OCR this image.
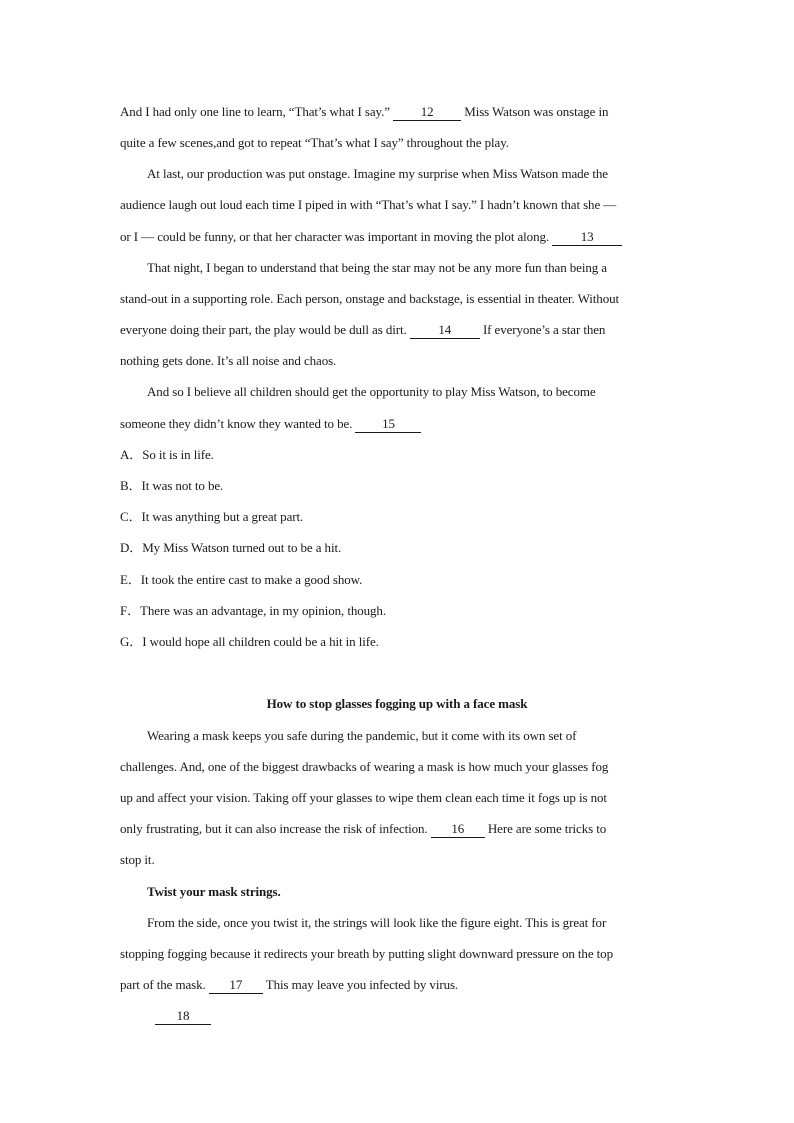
And I had only one line to learn, “That’s what I say.” 12 Miss Watson was onstage in
quite a few scenes,and got to repeat “That’s what I say” throughout the play.
At last, our production was put onstage. Imagine my surprise when Miss Watson made the
audience laugh out loud each time I piped in with “That’s what I say.” I hadn’t known that she —
or I — could be funny, or that her character was important in moving the plot along. 13
That night, I began to understand that being the star may not be any more fun than being a
stand-out in a supporting role. Each person, onstage and backstage, is essential in theater. Without
everyone doing their part, the play would be dull as dirt. 14 If everyone’s a star then
nothing gets done. It’s all noise and chaos.
And so I believe all children should get the opportunity to play Miss Watson, to become
someone they didn’t know they wanted to be. 15
A．So it is in life.
B．It was not to be.
C．It was anything but a great part.
D．My Miss Watson turned out to be a hit.
E．It took the entire cast to make a good show.
F．There was an advantage, in my opinion, though.
G．I would hope all children could be a hit in life.
How to stop glasses fogging up with a face mask
Wearing a mask keeps you safe during the pandemic, but it come with its own set of
challenges. And, one of the biggest drawbacks of wearing a mask is how much your glasses fog
up and affect your vision. Taking off your glasses to wipe them clean each time it fogs up is not
only frustrating, but it can also increase the risk of infection. 16 Here are some tricks to
stop it.
Twist your mask strings.
From the side, once you twist it, the strings will look like the figure eight. This is great for
stopping fogging because it redirects your breath by putting slight downward pressure on the top
part of the mask. 17 This may leave you infected by virus.
18
